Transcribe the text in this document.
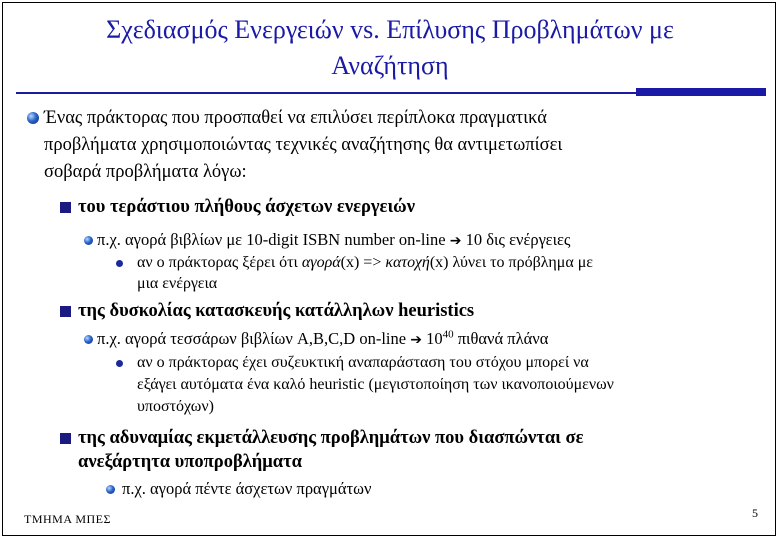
Σχεδιασμός Ενεργειών vs. Επίλυσης Προβλημάτων με
Αναζήτηση
Ένας πράκτορας που προσπαθεί να επιλύσει περίπλοκα πραγματικά
προβλήματα χρησιμοποιώντας τεχνικές αναζήτησης θα αντιμετωπίσει
σοβαρά προβλήματα λόγω:
του τεράστιου πλήθους άσχετων ενεργειών
π.χ. αγορά βιβλίων με 10-digit ISBN number on-line ➔ 10 δις ενέργειες
αν ο πράκτορας ξέρει ότι αγορά(x) => κατοχή(x) λύνει το πρόβλημα με
μια ενέργεια
της δυσκολίας κατασκευής κατάλληλων heuristics
π.χ. αγορά τεσσάρων βιβλίων A,B,C,D on-line ➔ $10^{40}$ πιθανά πλάνα
αν ο πράκτορας έχει συζευκτική αναπαράσταση του στόχου μπορεί να
εξάγει αυτόματα ένα καλό heuristic (μεγιστοποίηση των ικανοποιούμενων
υποστόχων)
της αδυναμίας εκμετάλλευσης προβλημάτων που διασπώνται σε
ανεξάρτητα υποπροβλήματα
π.χ. αγορά πέντε άσχετων πραγμάτων
ΤΜΗΜΑ ΜΠΕΣ	5
